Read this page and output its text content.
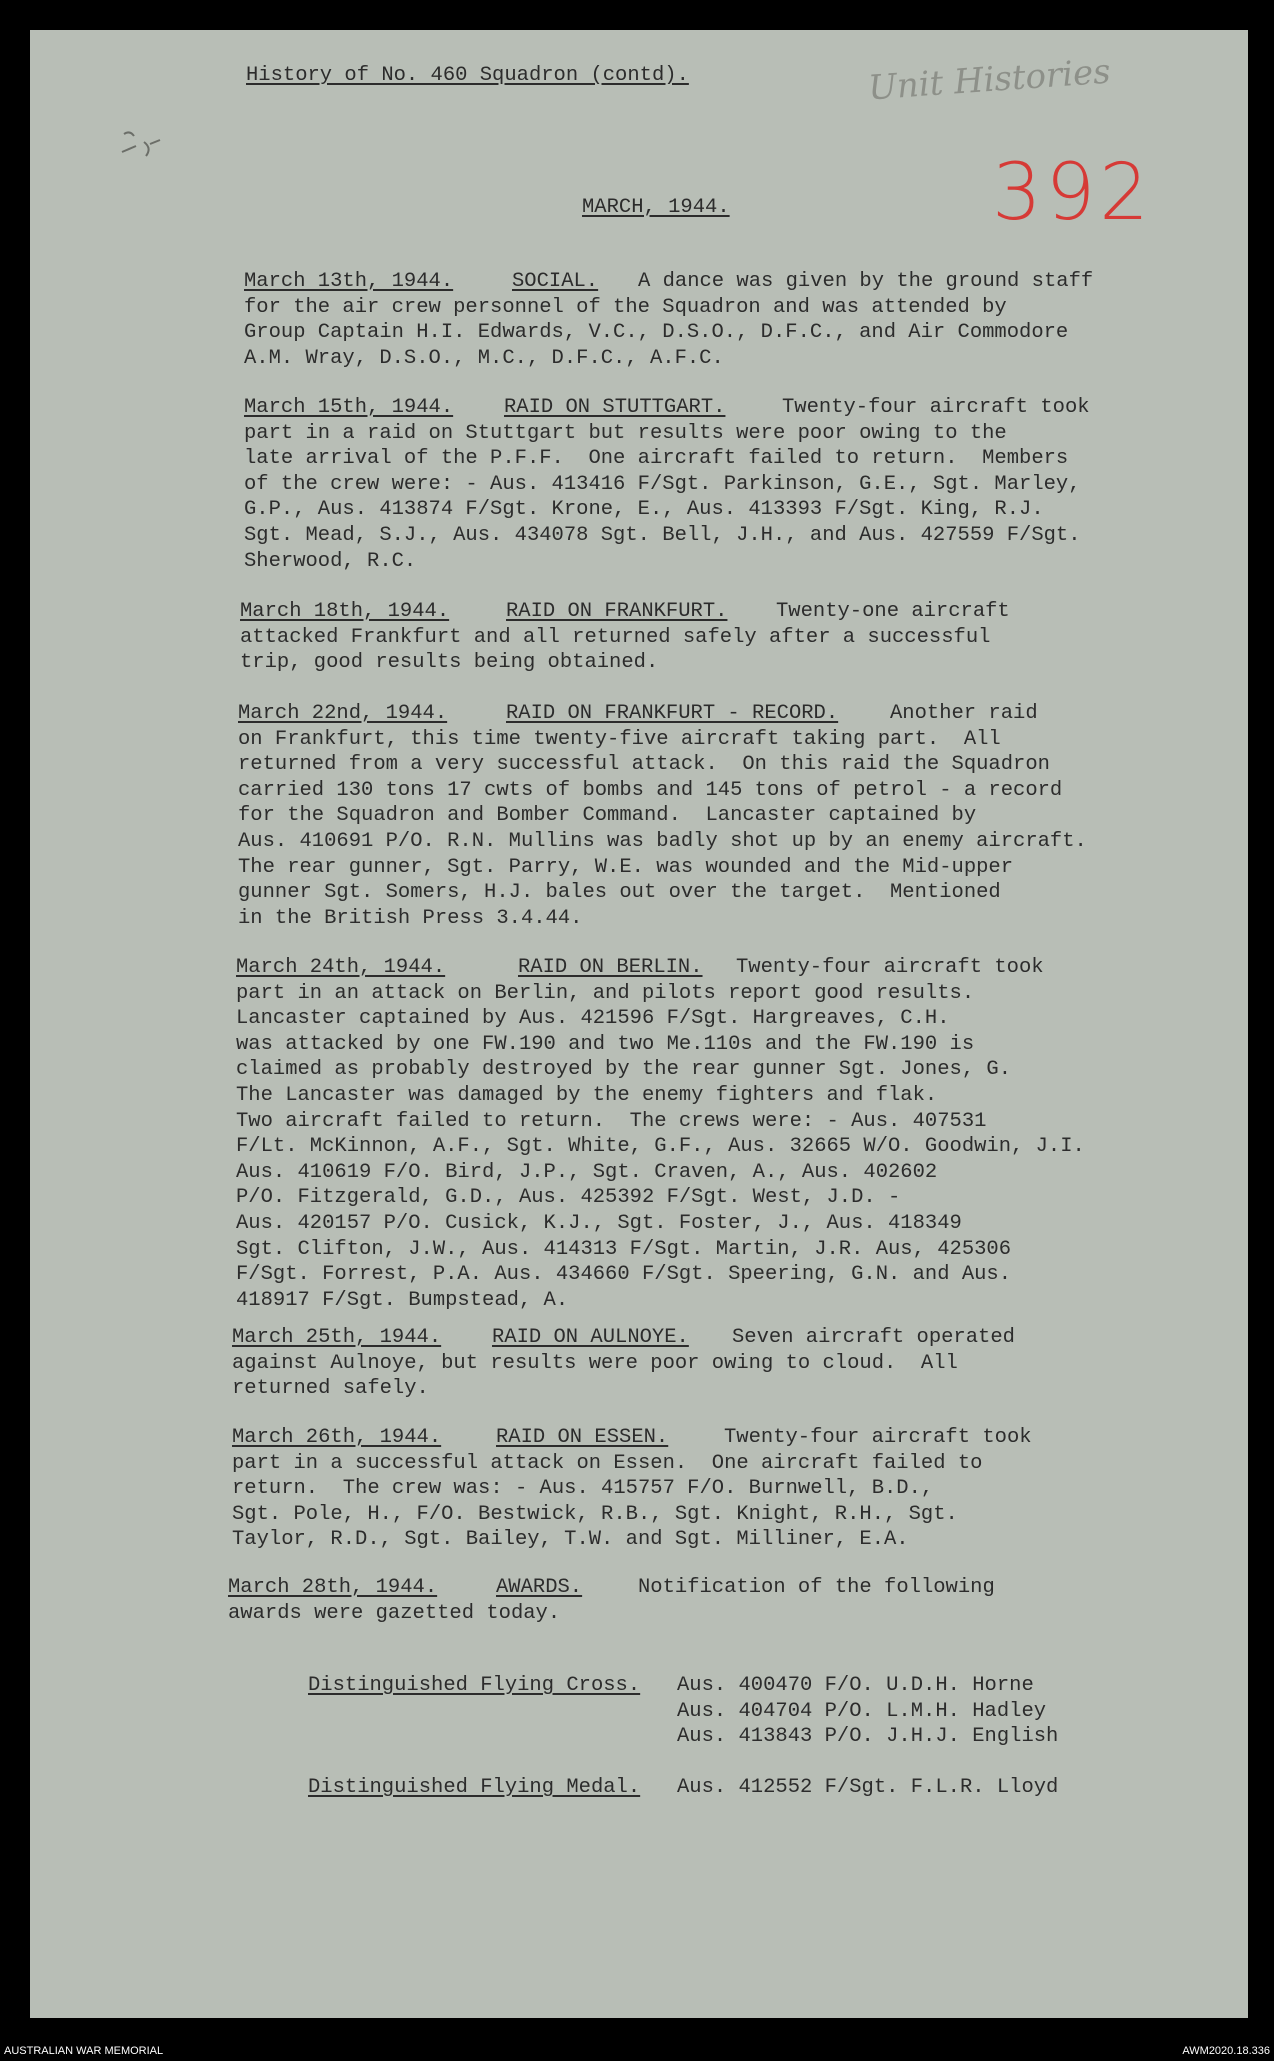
History of No. 460 Squadron (contd).	Unit Histories
392
MARCH, 1944.
March 13th, 1944.	SOCIAL. A dance was given by the ground staff
for the air crew personnel of the Squadron and was attended by
Group Captain H.I. Edwards, V.C., D.S.O., D.F.C., and Air Commodore
A.M. Wray, D.S.O., M.C., D.F.C., A.F.C.
March 15th, 1944. RAID ON STUTTGART.	Twenty-four aircraft took
part in a raid on Stuttgart but results were poor owing to the
late arrival of the P.F.F.  One aircraft failed to return.  Members
of the crew were: - Aus. 413416 F/Sgt. Parkinson, G.E., Sgt. Marley,
G.P., Aus. 413874 F/Sgt. Krone, E., Aus. 413393 F/Sgt. King, R.J.
Sgt. Mead, S.J., Aus. 434078 Sgt. Bell, J.H., and Aus. 427559 F/Sgt.
Sherwood, R.C.
March 18th, 1944.	RAID ON FRANKFURT. Twenty-one aircraft
attacked Frankfurt and all returned safely after a successful
trip, good results being obtained.
March 22nd, 1944.	RAID ON FRANKFURT - RECORD.	Another raid
on Frankfurt, this time twenty-five aircraft taking part.  All
returned from a very successful attack.  On this raid the Squadron
carried 130 tons 17 cwts of bombs and 145 tons of petrol - a record
for the Squadron and Bomber Command.  Lancaster captained by
Aus. 410691 P/O. R.N. Mullins was badly shot up by an enemy aircraft.
The rear gunner, Sgt. Parry, W.E. was wounded and the Mid-upper
gunner Sgt. Somers, H.J. bales out over the target.  Mentioned
in the British Press 3.4.44.
March 24th, 1944.	RAID ON BERLIN. Twenty-four aircraft took
part in an attack on Berlin, and pilots report good results.
Lancaster captained by Aus. 421596 F/Sgt. Hargreaves, C.H.
was attacked by one FW.190 and two Me.110s and the FW.190 is
claimed as probably destroyed by the rear gunner Sgt. Jones, G.
The Lancaster was damaged by the enemy fighters and flak.
Two aircraft failed to return.  The crews were: - Aus. 407531
F/Lt. McKinnon, A.F., Sgt. White, G.F., Aus. 32665 W/O. Goodwin, J.I.
Aus. 410619 F/O. Bird, J.P., Sgt. Craven, A., Aus. 402602
P/O. Fitzgerald, G.D., Aus. 425392 F/Sgt. West, J.D. -
Aus. 420157 P/O. Cusick, K.J., Sgt. Foster, J., Aus. 418349
Sgt. Clifton, J.W., Aus. 414313 F/Sgt. Martin, J.R. Aus, 425306
F/Sgt. Forrest, P.A. Aus. 434660 F/Sgt. Speering, G.N. and Aus.
418917 F/Sgt. Bumpstead, A.
March 25th, 1944. RAID ON AULNOYE. Seven aircraft operated
against Aulnoye, but results were poor owing to cloud.  All
returned safely.
March 26th, 1944.	RAID ON ESSEN.	Twenty-four aircraft took
part in a successful attack on Essen.  One aircraft failed to
return.  The crew was: - Aus. 415757 F/O. Burnwell, B.D.,
Sgt. Pole, H., F/O. Bestwick, R.B., Sgt. Knight, R.H., Sgt.
Taylor, R.D., Sgt. Bailey, T.W. and Sgt. Milliner, E.A.
March 28th, 1944.	AWARDS.	Notification of the following
awards were gazetted today.
Distinguished Flying Cross. Aus. 400470 F/O. U.D.H. Horne
Aus. 404704 P/O. L.M.H. Hadley
Aus. 413843 P/O. J.H.J. English
Distinguished Flying Medal. Aus. 412552 F/Sgt. F.L.R. Lloyd
AUSTRALIAN WAR MEMORIAL	AWM2020.18.336
